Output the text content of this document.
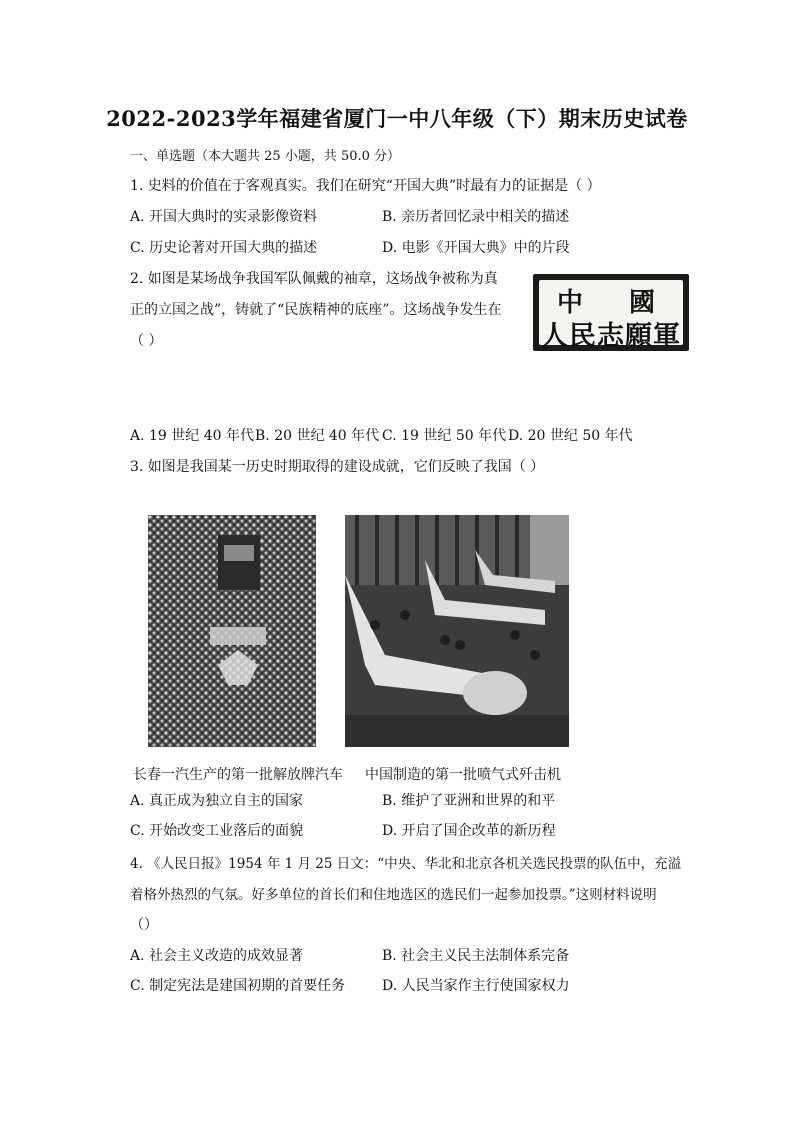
2022-2023学年福建省厦门一中八年级（下）期末历史试卷
一、单选题（本大题共 25 小题，共 50.0 分）
1. 史料的价值在于客观真实。我们在研究“开国大典”时最有力的证据是（ ）
A. 开国大典时的实录影像资料	B. 亲历者回忆录中相关的描述
C. 历史论著对开国大典的描述	D. 电影《开国大典》中的片段
2. 如图是某场战争我国军队佩戴的袖章，这场战争被称为真
正的立国之战”，铸就了“民族精神的底座”。这场战争发生在
（ ）
中 國
人民志願軍
A. 19 世纪 40 年代 B. 20 世纪 40 年代 C. 19 世纪 50 年代 D. 20 世纪 50 年代
3. 如图是我国某一历史时期取得的建设成就，它们反映了我国（ ）
长春一汽生产的第一批解放牌汽车 中国制造的第一批喷气式歼击机
A. 真正成为独立自主的国家	B. 维护了亚洲和世界的和平
C. 开始改变工业落后的面貌	D. 开启了国企改革的新历程
4. 《人民日报》1954 年 1 月 25 日文：“中央、华北和北京各机关选民投票的队伍中，充溢
着格外热烈的气氛。好多单位的首长们和住地选区的选民们一起参加投票。”这则材料说明
（）
A. 社会主义改造的成效显著	B. 社会主义民主法制体系完备
C. 制定宪法是建国初期的首要任务	D. 人民当家作主行使国家权力
